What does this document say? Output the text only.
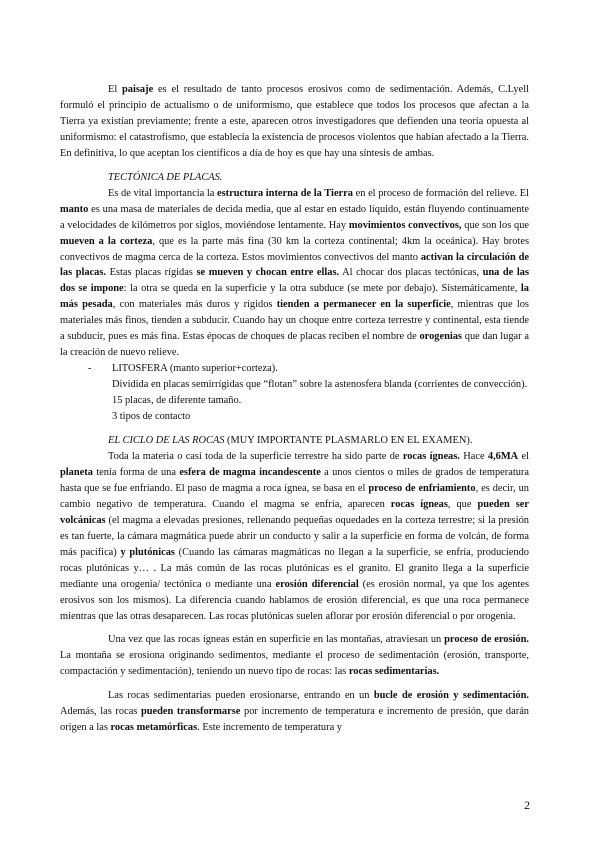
El paisaje es el resultado de tanto procesos erosivos como de sedimentación. Además, C.Lyell formuló el principio de actualismo o de uniformismo, que establece que todos los procesos que afectan a la Tierra ya existían previamente; frente a este, aparecen otros investigadores que defienden una teoría opuesta al uniformismo: el catastrofismo, que establecía la existencia de procesos violentos que habían afectado a la Tierra. En definitiva, lo que aceptan los científicos a día de hoy es que hay una síntesis de ambas.

TECTÓNICA DE PLACAS.

Es de vital importancia la estructura interna de la Tierra en el proceso de formación del relieve. El manto es una masa de materiales de decida media, que al estar en estado líquido, están fluyendo continuamente a velocidades de kilómetros por siglos, moviéndose lentamente. Hay movimientos convectivos, que son los que mueven a la corteza, que es la parte más fina (30 km la corteza continental; 4km la oceánica). Hay brotes convectivos de magma cerca de la corteza. Estos movimientos convectivos del manto activan la circulación de las placas. Estas placas rígidas se mueven y chocan entre ellas. Al chocar dos placas tectónicas, una de las dos se impone: la otra se queda en la superficie y la otra subduce (se mete por debajo). Sistemáticamente, la más pesada, con materiales más duros y rígidos tienden a permanecer en la superficie, mientras que los materiales más finos, tienden a subducir. Cuando hay un choque entre corteza terrestre y continental, esta tiende a subducir, pues es más fina. Estas épocas de choques de placas reciben el nombre de orogenias que dan lugar a la creación de nuevo relieve.

- LITOSFERA (manto superior+corteza).

Dividida en placas semirrígidas que “flotan” sobre la astenosfera blanda (corrientes de convección).

15 placas, de diferente tamaño.

3 tipos de contacto

EL CICLO DE LAS ROCAS (MUY IMPORTANTE PLASMARLO EN EL EXAMEN).

Toda la materia o casi toda de la superficie terrestre ha sido parte de rocas ígneas. Hace 4,6MA el planeta tenía forma de una esfera de magma incandescente a unos cientos o miles de grados de temperatura hasta que se fue enfriando. El paso de magma a roca ígnea, se basa en el proceso de enfriamiento, es decir, un cambio negativo de temperatura. Cuando el magma se enfría, aparecen rocas ígneas, que pueden ser volcánicas (el magma a elevadas presiones, rellenando pequeñas oquedades en la corteza terrestre; si la presión es tan fuerte, la cámara magmática puede abrir un conducto y salir a la superficie en forma de volcán, de forma más pacífica) y plutónicas (Cuando las cámaras magmáticas no llegan a la superficie, se enfría, produciendo rocas plutónicas y… . La más común de las rocas plutónicas es el granito. El granito llega a la superficie mediante una orogenia/ tectónica o mediante una erosión diferencial (es erosión normal, ya que los agentes erosivos son los mismos). La diferencia cuando hablamos de erosión diferencial, es que una roca permanece mientras que las otras desaparecen. Las rocas plutónicas suelen aflorar por erosión diferencial o por orogenia.

Una vez que las rocas ígneas están en superficie en las montañas, atraviesan un proceso de erosión. La montaña se erosiona originando sedimentos, mediante el proceso de sedimentación (erosión, transporte, compactación y sedimentación), teniendo un nuevo tipo de rocas: las rocas sedimentarias.

Las rocas sedimentarias pueden erosionarse, entrando en un bucle de erosión y sedimentación. Además, las rocas pueden transformarse por incremento de temperatura e incremento de presión, que darán origen a las rocas metamórficas. Este incremento de temperatura y

2
